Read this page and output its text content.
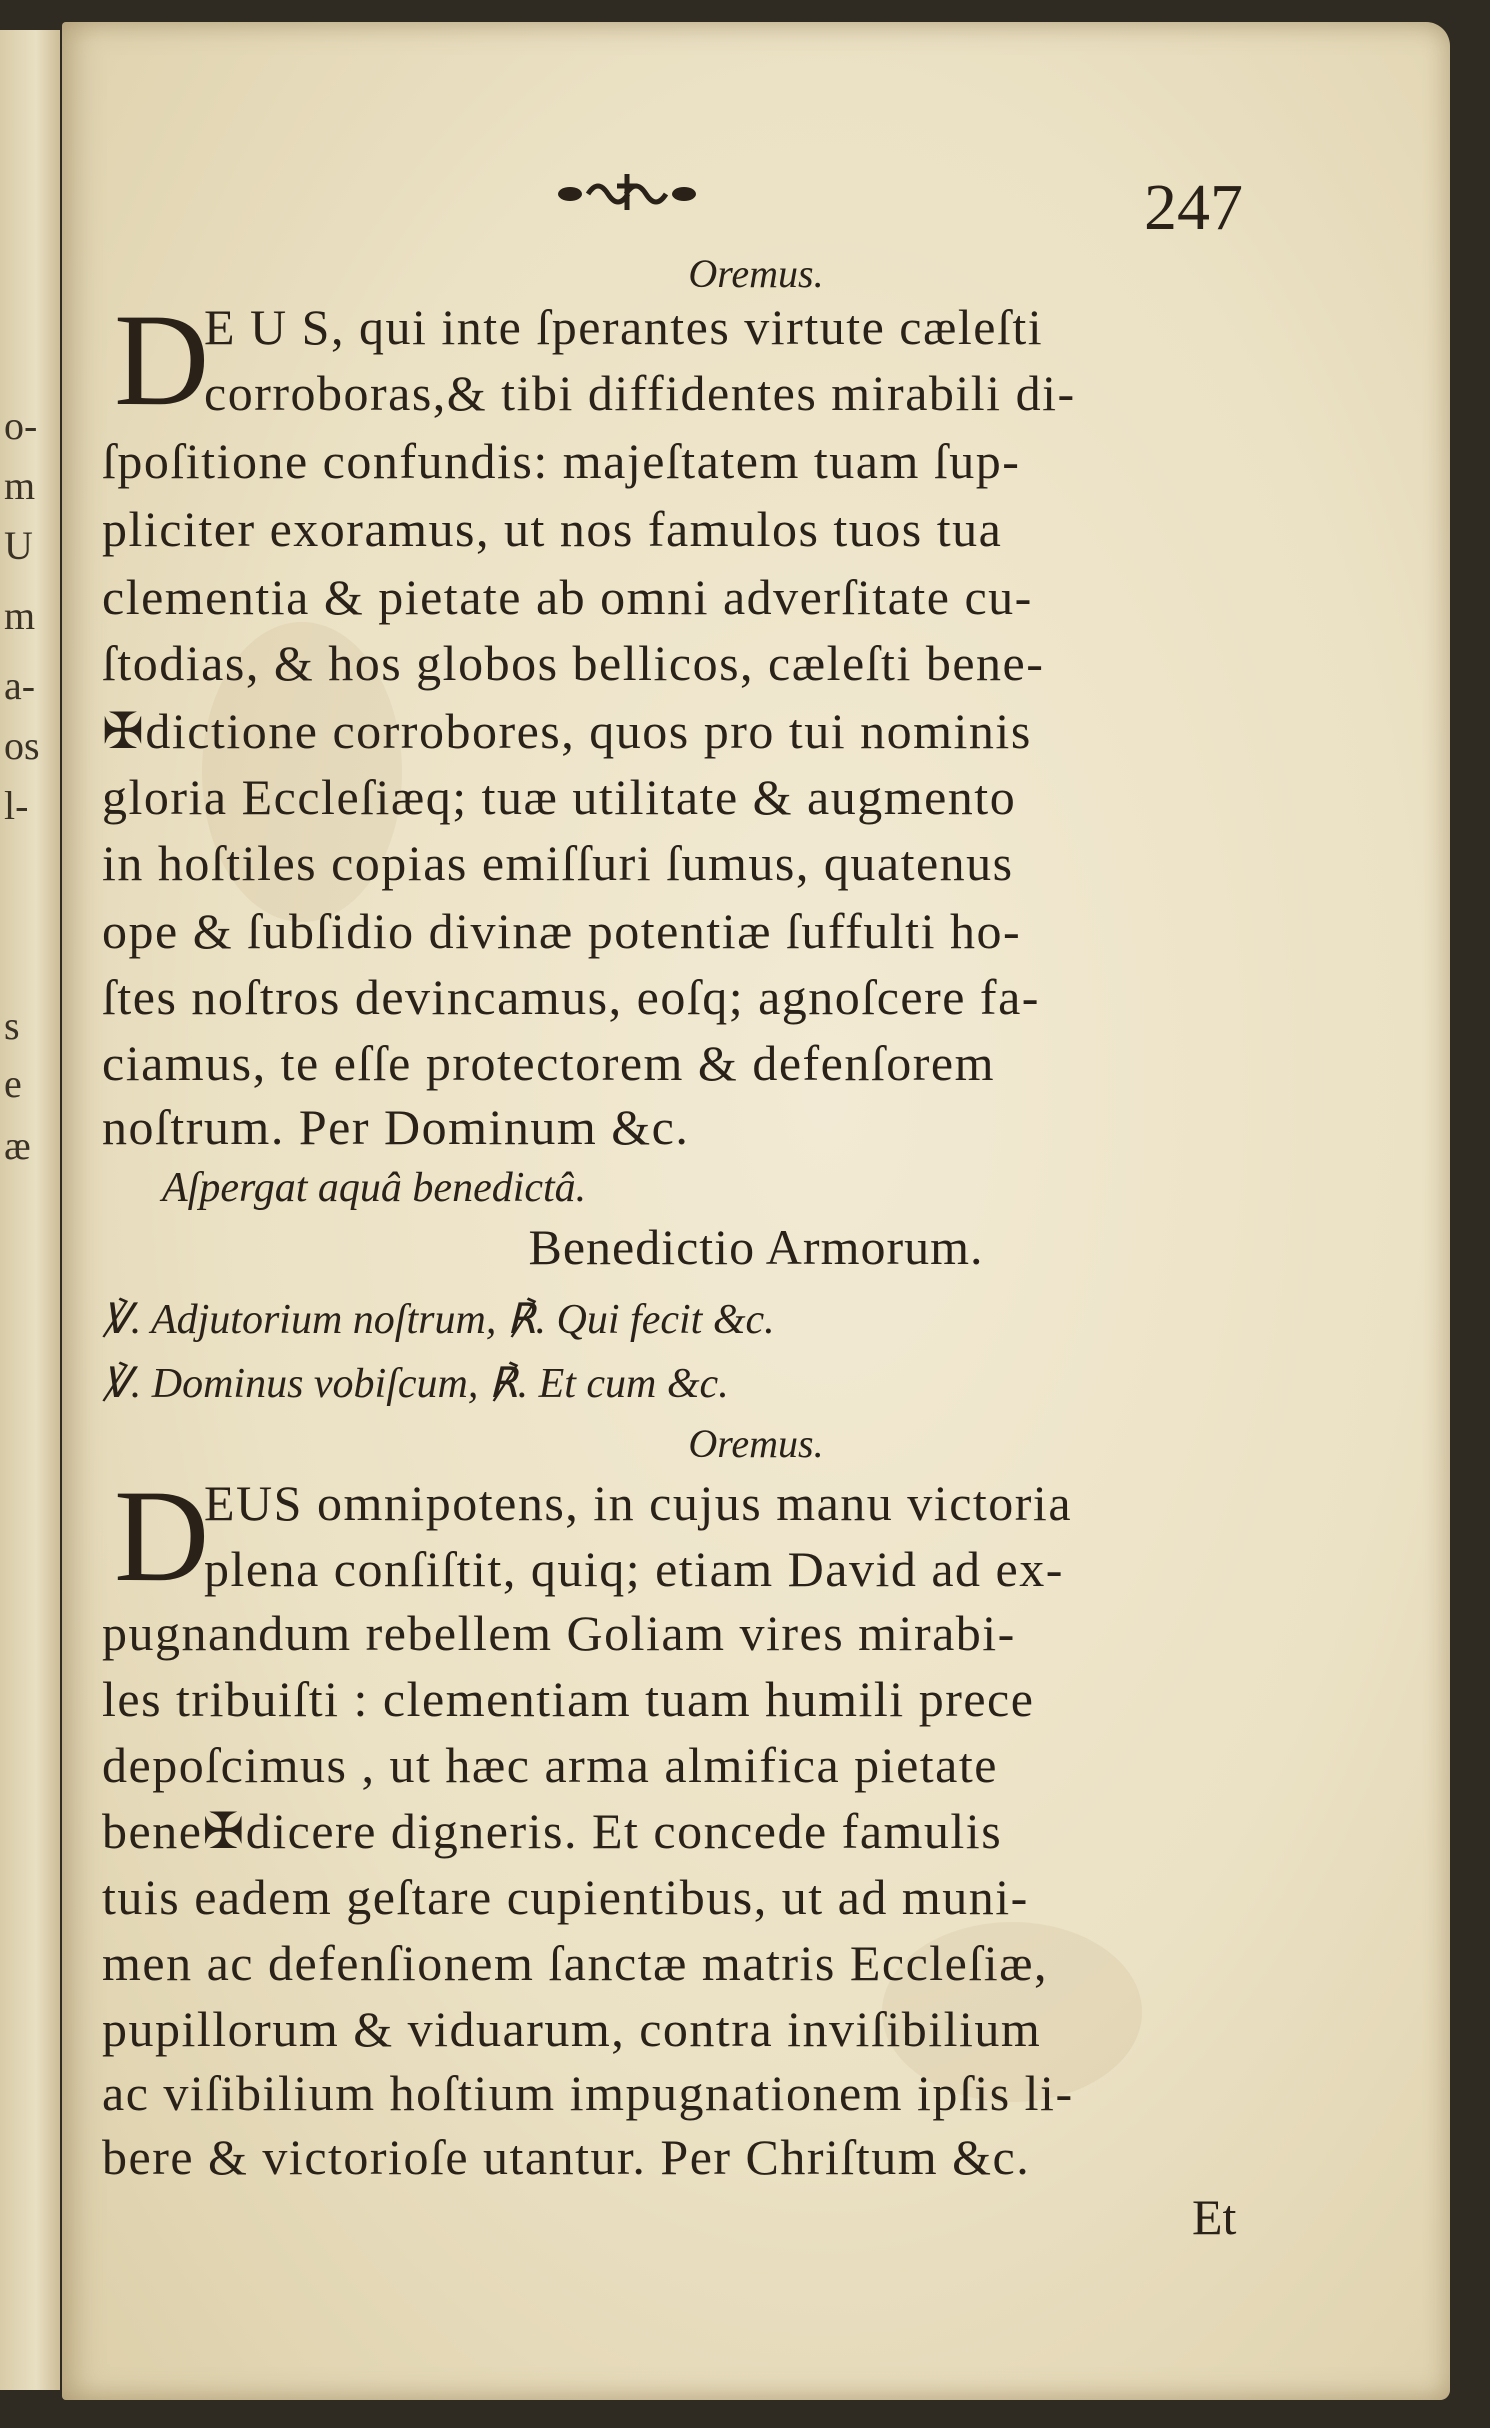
o-
m
U
m
a-
os
l-
s
e
æ
247
Oremus.
D
E U S, qui inte ſperantes virtute cæleſti
corroboras,& tibi diffidentes mirabili di-
ſpoſitione confundis: majeſtatem tuam ſup-
pliciter exoramus, ut nos famulos tuos tua
clementia & pietate ab omni adverſitate cu-
ſtodias, & hos globos bellicos, cæleſti bene-
✠dictione corrobores, quos pro tui nominis
gloria Eccleſiæq; tuæ utilitate & augmento
in hoſtiles copias emiſſuri ſumus, quatenus
ope & ſubſidio divinæ potentiæ ſuffulti ho-
ſtes noſtros devincamus, eoſq; agnoſcere fa-
ciamus, te eſſe protectorem & defenſorem
noſtrum. Per Dominum &c.
Aſpergat aquâ benedictâ.
Benedictio Armorum.
℣. Adjutorium noſtrum, ℟. Qui fecit &c.
℣. Dominus vobiſcum, ℟. Et cum &c.
Oremus.
D
EUS omnipotens, in cujus manu victoria
plena conſiſtit, quiq; etiam David ad ex-
pugnandum rebellem Goliam vires mirabi-
les tribuiſti : clementiam tuam humili prece
depoſcimus , ut hæc arma almifica pietate
bene✠dicere digneris. Et concede famulis
tuis eadem geſtare cupientibus, ut ad muni-
men ac defenſionem ſanctæ matris Eccleſiæ,
pupillorum & viduarum, contra inviſibilium
ac viſibilium hoſtium impugnationem ipſis li-
bere & victorioſe utantur. Per Chriſtum &c.
Et
